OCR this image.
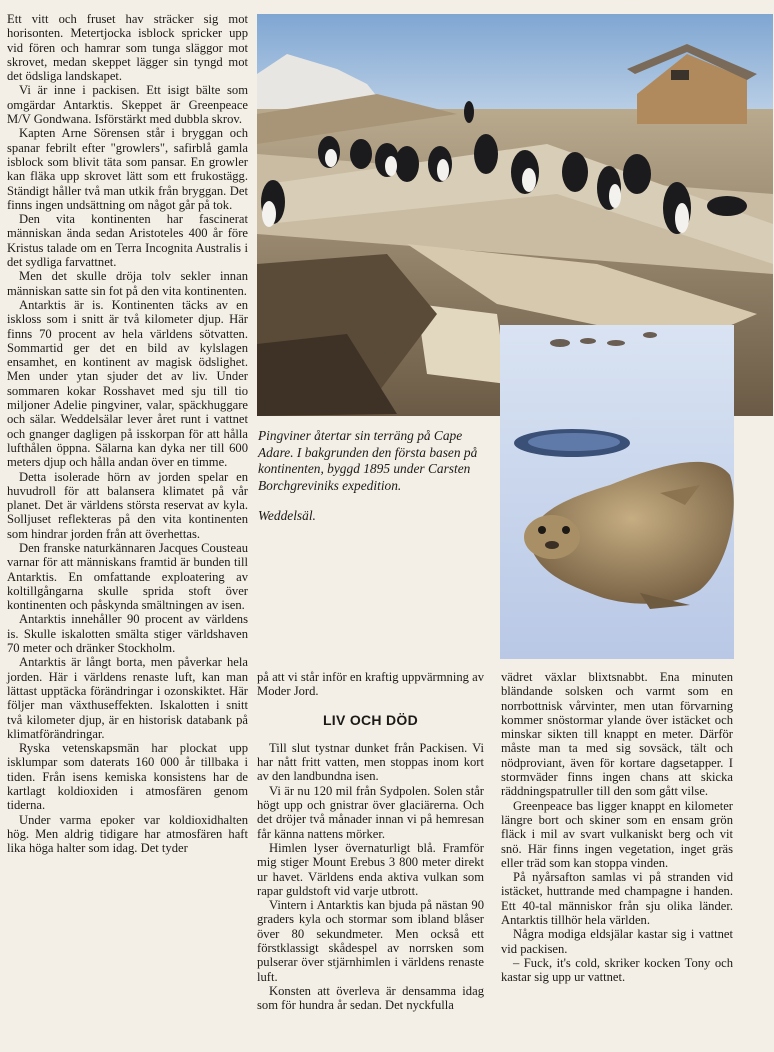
Ett vitt och fruset hav sträcker sig mot horisonten. Metertjocka isblock spricker upp vid fören och hamrar som tunga släggor mot skrovet, medan skeppet lägger sin tyngd mot det ödsliga landskapet.

Vi är inne i packisen. Ett isigt bälte som omgärdar Antarktis. Skeppet är Greenpeace M/V Gondwana. Isförstärkt med dubbla skrov.

Kapten Arne Sörensen står i bryggan och spanar febrilt efter "growlers", safirblå gamla isblock som blivit täta som pansar. En growler kan fläka upp skrovet lätt som ett frukostägg. Ständigt håller två man utkik från bryggan. Det finns ingen undsättning om något går på tok.

Den vita kontinenten har fascinerat människan ända sedan Aristoteles 400 år före Kristus talade om en Terra Incognita Australis i det sydliga farvattnet.

Men det skulle dröja tolv sekler innan människan satte sin fot på den vita kontinenten.

Antarktis är is. Kontinenten täcks av en iskloss som i snitt är två kilometer djup. Här finns 70 procent av hela världens sötvatten. Sommartid ger det en bild av kylslagen ensamhet, en kontinent av magisk ödslighet. Men under ytan sjuder det av liv. Under sommaren kokar Rosshavet med sju till tio miljoner Adelie pingviner, valar, späckhuggare och sälar. Weddelsälar lever året runt i vattnet och gnanger dagligen på isskorpan för att hålla lufthålen öppna. Sälarna kan dyka ner till 600 meters djup och hålla andan över en timme.

Detta isolerade hörn av jorden spelar en huvudroll för att balansera klimatet på vår planet. Det är världens största reservat av kyla. Solljuset reflekteras på den vita kontinenten som hindrar jorden från att överhettas.

Den franske naturkännaren Jacques Cousteau varnar för att människans framtid är bunden till Antarktis. En omfattande exploatering av koltillgångarna skulle sprida stoft över kontinenten och påskynda smältningen av isen.

Antarktis innehåller 90 procent av världens is. Skulle iskalotten smälta stiger världshaven 70 meter och dränker Stockholm.

Antarktis är långt borta, men påverkar hela jorden. Här i världens renaste luft, kan man lättast upptäcka förändringar i ozonskiktet. Här följer man växthuseffekten. Iskalotten i snitt två kilometer djup, är en historisk databank på klimatförändringar.

Ryska vetenskapsmän har plockat upp isklumpar som daterats 160 000 år tillbaka i tiden. Från isens kemiska konsistens har de kartlagt koldioxiden i atmosfären genom tiderna.

Under varma epoker var koldioxidhalten hög. Men aldrig tidigare har atmosfären haft lika höga halter som idag. Det tyder

Pingviner återtar sin terräng på Cape Adare. I bakgrunden den första basen på kontinenten, byggd 1895 under Carsten Borchgreviniks expedition.

Weddelsäl.

på att vi står inför en kraftig uppvärmning av Moder Jord.

LIV OCH DÖD

Till slut tystnar dunket från Packisen. Vi har nått fritt vatten, men stoppas inom kort av den landbundna isen.

Vi är nu 120 mil från Sydpolen. Solen står högt upp och gnistrar över glaciärerna. Och det dröjer två månader innan vi på hemresan får känna nattens mörker.

Himlen lyser övernaturligt blå. Framför mig stiger Mount Erebus 3 800 meter direkt ur havet. Världens enda aktiva vulkan som rapar guldstoft vid varje utbrott.

Vintern i Antarktis kan bjuda på nästan 90 graders kyla och stormar som ibland blåser över 80 sekundmeter. Men också ett förstklassigt skådespel av norrsken som pulserar över stjärnhimlen i världens renaste luft.

Konsten att överleva är densamma idag som för hundra år sedan. Det nyckfulla

vädret växlar blixtsnabbt. Ena minuten bländande solsken och varmt som en norrbottnisk vårvinter, men utan förvarning kommer snöstormar ylande över istäcket och minskar sikten till knappt en meter. Därför måste man ta med sig sovsäck, tält och nödproviant, även för kortare dagsetapper. I stormväder finns ingen chans att skicka räddningspatruller till den som gått vilse.

Greenpeace bas ligger knappt en kilometer längre bort och skiner som en ensam grön fläck i mil av svart vulkaniskt berg och vit snö. Här finns ingen vegetation, inget gräs eller träd som kan stoppa vinden.

På nyårsafton samlas vi på stranden vid istäcket, huttrande med champagne i handen. Ett 40-tal människor från sju olika länder. Antarktis tillhör hela världen.

Några modiga eldsjälar kastar sig i vattnet vid packisen.

– Fuck, it's cold, skriker kocken Tony och kastar sig upp ur vattnet.
